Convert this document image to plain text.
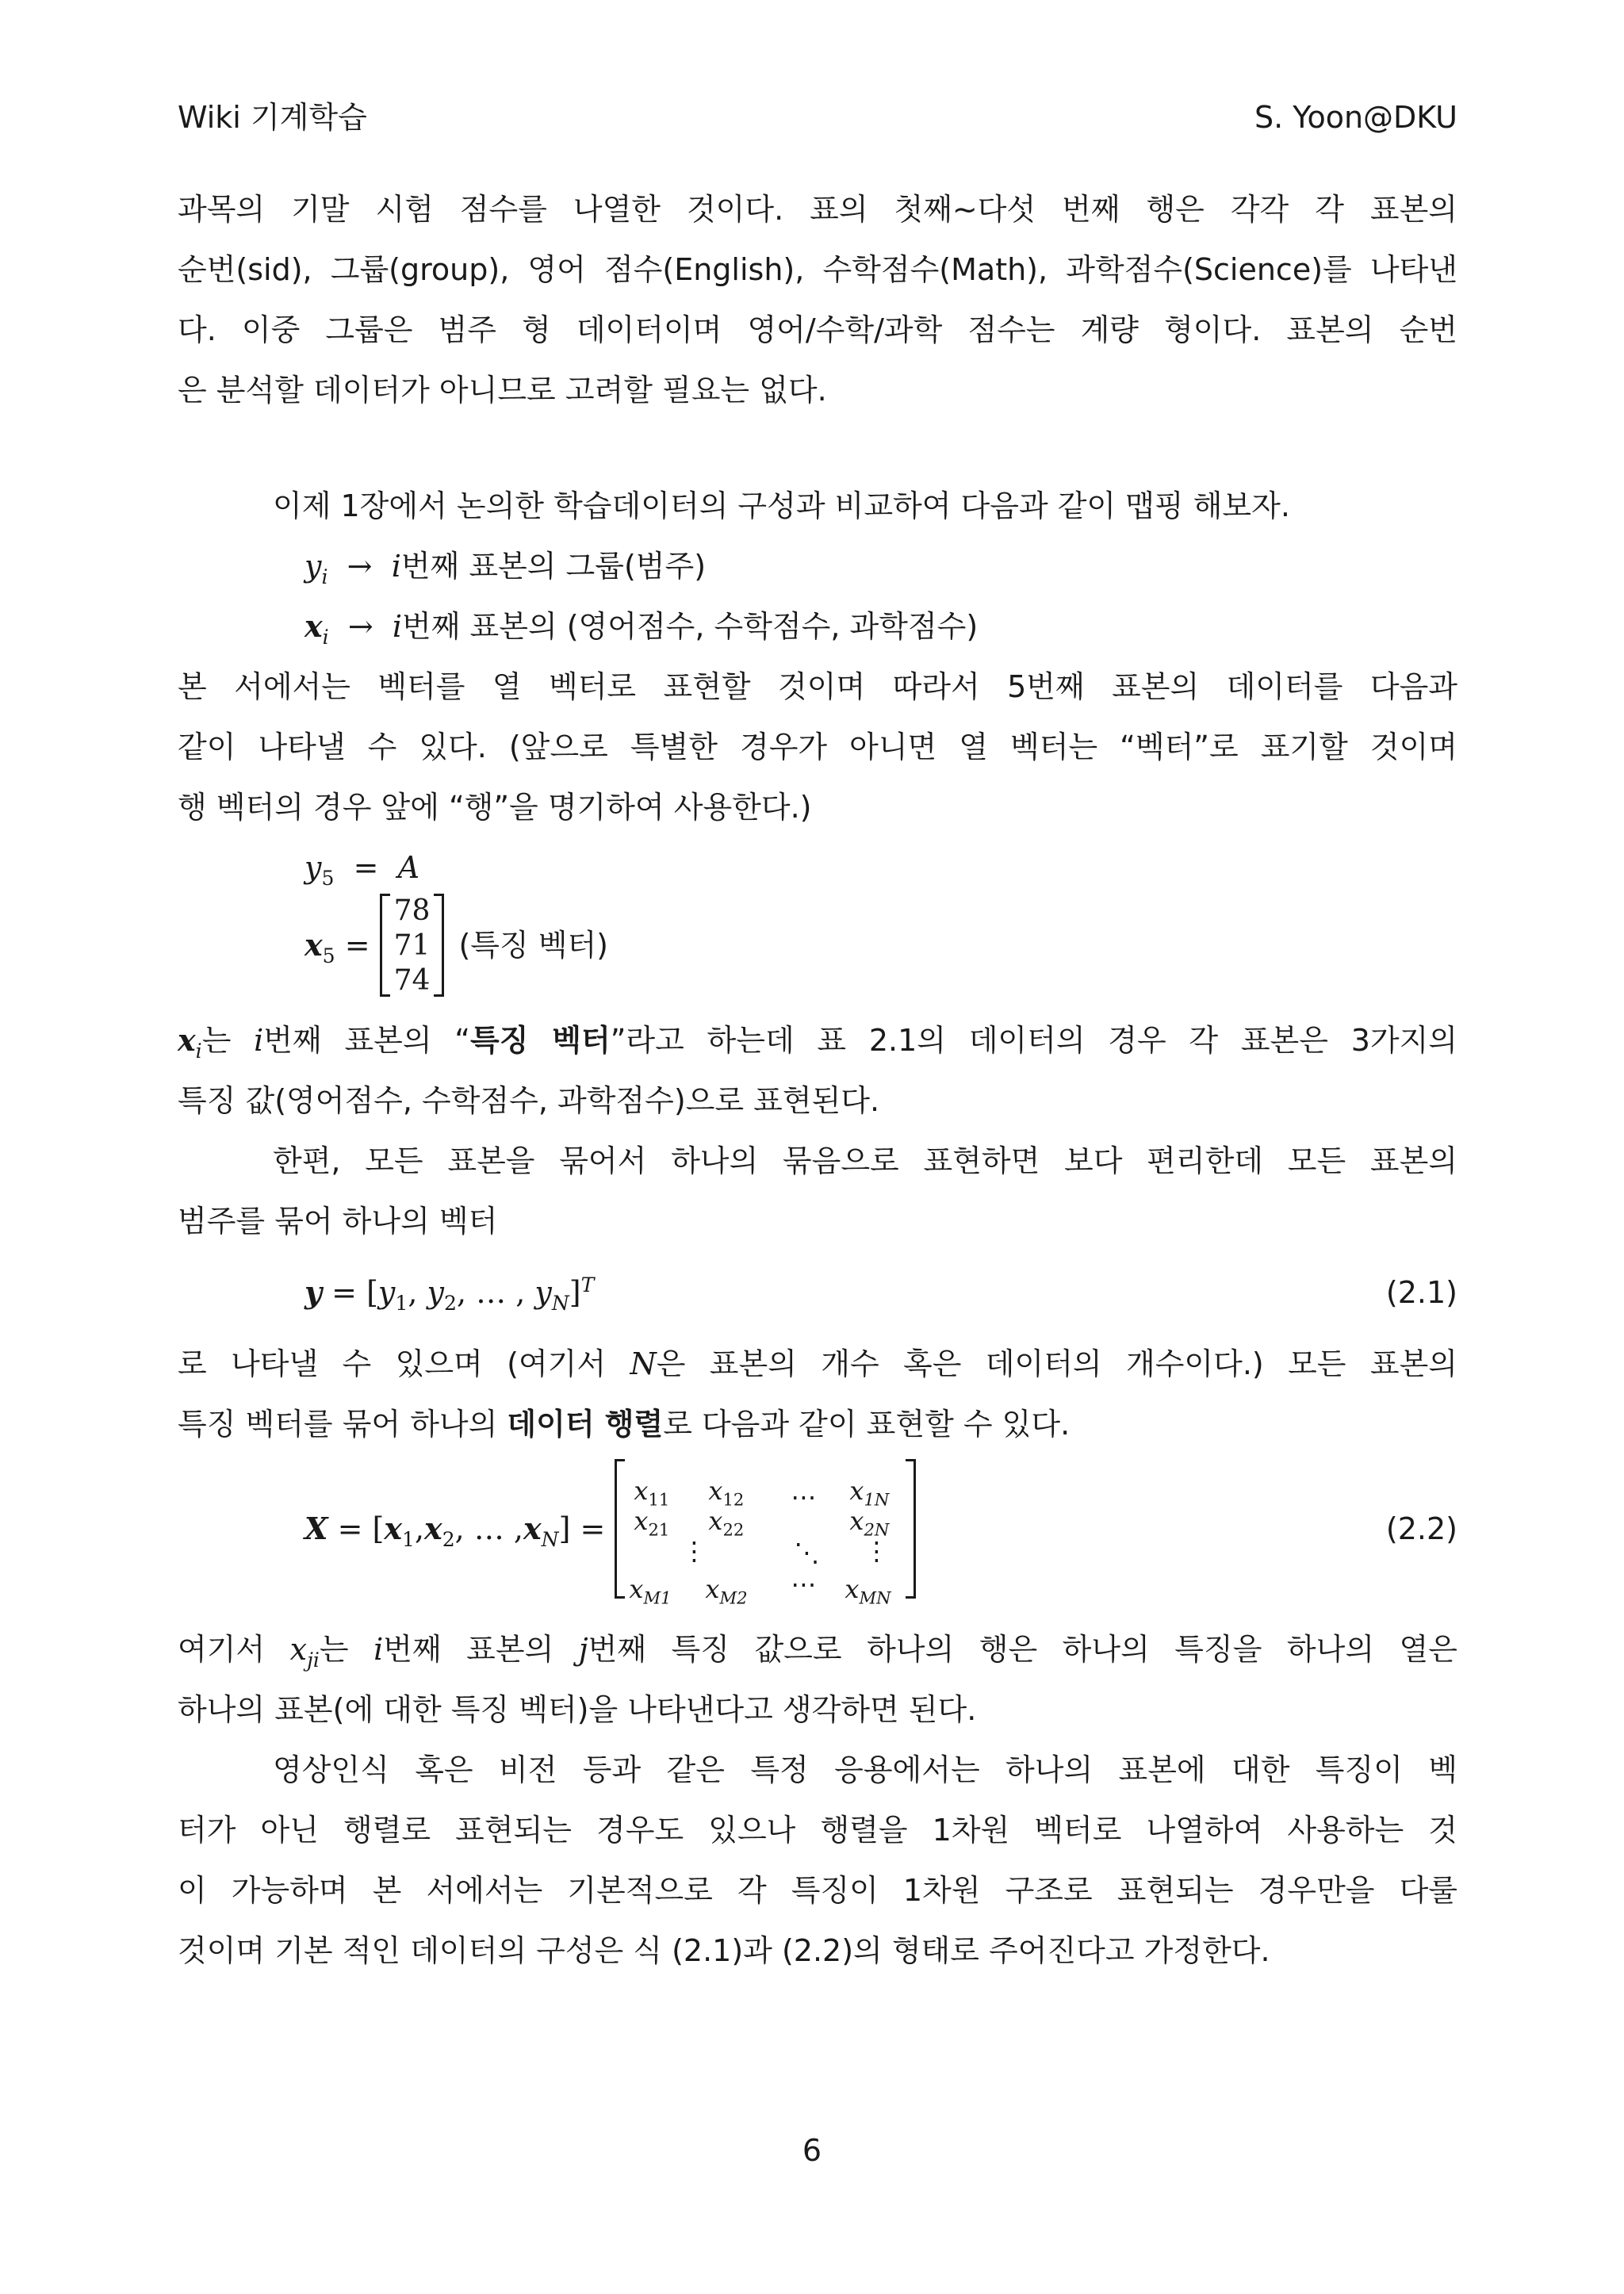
Wiki 기계학습	S. Yoon@DKU

과목의 기말 시험 점수를 나열한 것이다. 표의 첫째~다섯 번째 행은 각각 각 표본의

순번(sid), 그룹(group), 영어 점수(English), 수학점수(Math), 과학점수(Science)를 나타낸

다. 이중 그룹은 범주 형 데이터이며 영어/수학/과학 점수는 계량 형이다. 표본의 순번

은 분석할 데이터가 아니므로 고려할 필요는 없다.

이제 1장에서 논의한 학습데이터의 구성과 비교하여 다음과 같이 맵핑 해보자.

$y_i \to i$번째 표본의 그룹(범주)
$x_i \to i$번째 표본의 (영어점수, 수학점수, 과학점수)

본 서에서는 벡터를 열 벡터로 표현할 것이며 따라서 5번째 표본의 데이터를 다음과

같이 나타낼 수 있다. (앞으로 특별한 경우가 아니면 열 벡터는 “벡터”로 표기할 것이며

행 벡터의 경우 앞에 “행”을 명기하여 사용한다.)

$y_5 = A$
$x_5$ =
78
71
74
(특징 벡터)

$x_i$는 i번째 표본의 “특징 벡터”라고 하는데 표 2.1의 데이터의 경우 각 표본은 3가지의

특징 값(영어점수, 수학점수, 과학점수)으로 표현된다.

한편, 모든 표본을 묶어서 하나의 묶음으로 표현하면 보다 편리한데 모든 표본의

범주를 묶어 하나의 벡터

$y = [y_1$, $y_2$, … , $y_N]^T$	(2.1)

로 나타낼 수 있으며 (여기서 N은 표본의 개수 혹은 데이터의 개수이다.) 모든 표본의

특징 벡터를 묶어 하나의 데이터 행렬로 다음과 같이 표현할 수 있다.

X = [ $x_1$ , $x_2$ , … , $x_N$ ] =
$x_{11}$ $x_{12}$ ⋯ $x_{1N}$
$x_{21}$ $x_{22}$	$x_{2N}$
⋮	⋱ ⋮
$x_{M1}$ $x_{M2}$ ⋯ $x_{MN}$
(2.2)

여기서 $x_{ji}$는 i번째 표본의 j번째 특징 값으로 하나의 행은 하나의 특징을 하나의 열은

하나의 표본(에 대한 특징 벡터)을 나타낸다고 생각하면 된다.

영상인식 혹은 비전 등과 같은 특정 응용에서는 하나의 표본에 대한 특징이 벡

터가 아닌 행렬로 표현되는 경우도 있으나 행렬을 1차원 벡터로 나열하여 사용하는 것

이 가능하며 본 서에서는 기본적으로 각 특징이 1차원 구조로 표현되는 경우만을 다룰

것이며 기본 적인 데이터의 구성은 식 (2.1)과 (2.2)의 형태로 주어진다고 가정한다.

6
